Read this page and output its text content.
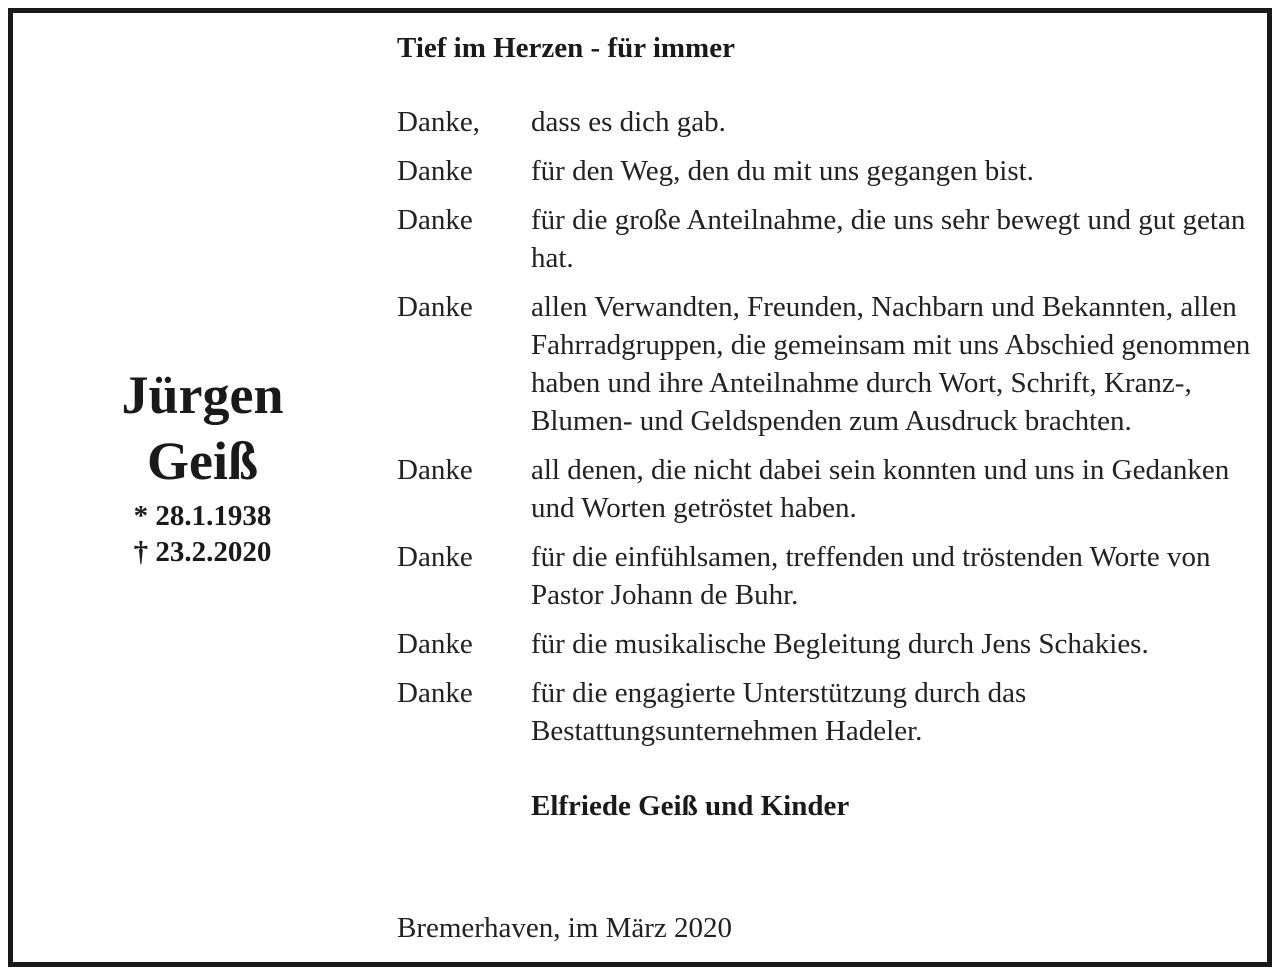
Jürgen
Geiß
* 28.1.1938
† 23.2.2020
Tief im Herzen - für immer
Danke,	dass es dich gab.
Danke	für den Weg, den du mit uns gegangen bist.
Danke	für die große Anteilnahme, die uns sehr bewegt und gut getan hat.
Danke	allen Verwandten, Freunden, Nachbarn und Bekannten, allen Fahrradgruppen, die gemeinsam mit uns Abschied genommen haben und ihre Anteilnahme durch Wort, Schrift, Kranz-, Blumen- und Geldspenden zum Ausdruck brachten.
Danke	all denen, die nicht dabei sein konnten und uns in Gedanken und Worten getröstet haben.
Danke	für die einfühlsamen, treffenden und tröstenden Worte von Pastor Johann de Buhr.
Danke	für die musikalische Begleitung durch Jens Schakies.
Danke	für die engagierte Unterstützung durch das Bestattungsunternehmen Hadeler.
Elfriede Geiß und Kinder
Bremerhaven, im März 2020
